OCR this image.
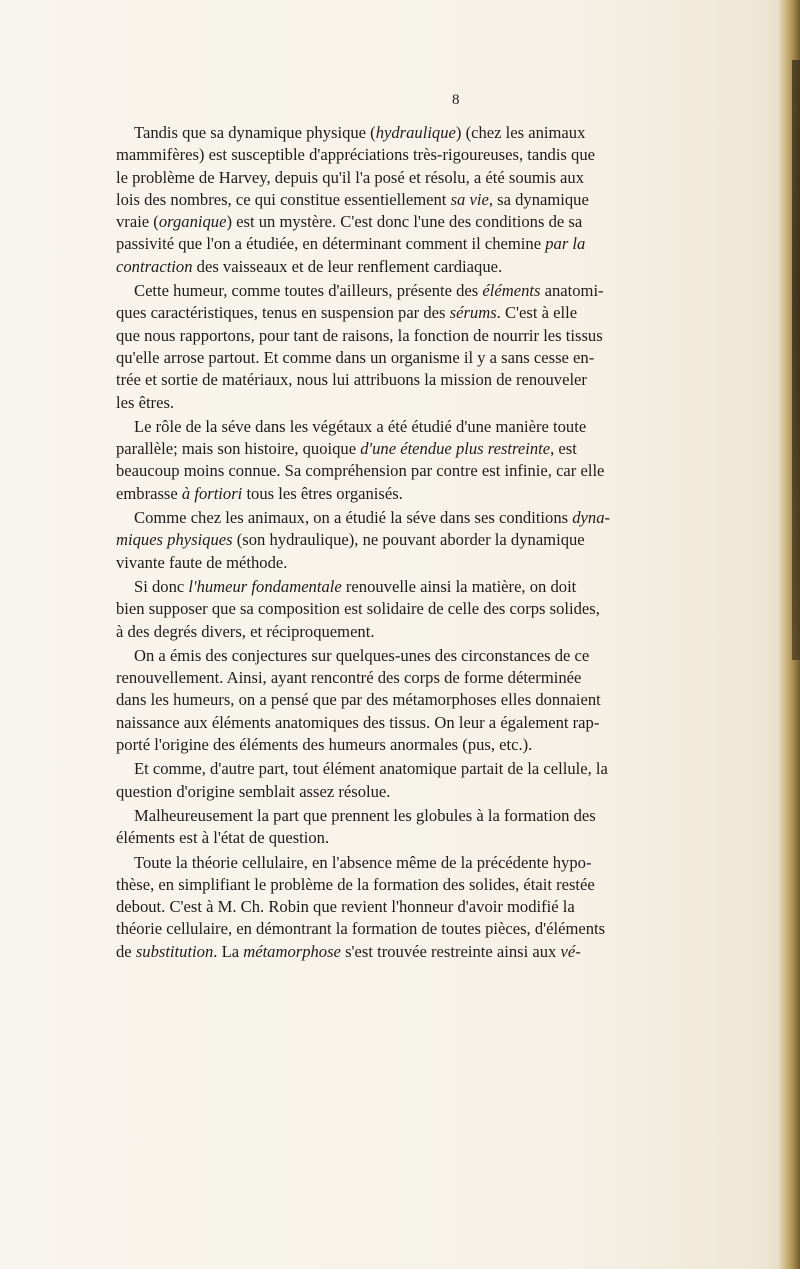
8

Tandis que sa dynamique physique (hydraulique) (chez les animaux
mammifères) est susceptible d'appréciations très-rigoureuses, tandis que
le problème de Harvey, depuis qu'il l'a posé et résolu, a été soumis aux
lois des nombres, ce qui constitue essentiellement sa vie, sa dynamique
vraie (organique) est un mystère. C'est donc l'une des conditions de sa
passivité que l'on a étudiée, en déterminant comment il chemine par la
contraction des vaisseaux et de leur renflement cardiaque.

Cette humeur, comme toutes d'ailleurs, présente des éléments anatomi-
ques caractéristiques, tenus en suspension par des sérums. C'est à elle
que nous rapportons, pour tant de raisons, la fonction de nourrir les tissus
qu'elle arrose partout. Et comme dans un organisme il y a sans cesse en-
trée et sortie de matériaux, nous lui attribuons la mission de renouveler
les êtres.

Le rôle de la séve dans les végétaux a été étudié d'une manière toute
parallèle; mais son histoire, quoique d'une étendue plus restreinte, est
beaucoup moins connue. Sa compréhension par contre est infinie, car elle
embrasse à fortiori tous les êtres organisés.

Comme chez les animaux, on a étudié la séve dans ses conditions dyna-
miques physiques (son hydraulique), ne pouvant aborder la dynamique
vivante faute de méthode.

Si donc l'humeur fondamentale renouvelle ainsi la matière, on doit
bien supposer que sa composition est solidaire de celle des corps solides,
à des degrés divers, et réciproquement.

On a émis des conjectures sur quelques-unes des circonstances de ce
renouvellement. Ainsi, ayant rencontré des corps de forme déterminée
dans les humeurs, on a pensé que par des métamorphoses elles donnaient
naissance aux éléments anatomiques des tissus. On leur a également rap-
porté l'origine des éléments des humeurs anormales (pus, etc.).

Et comme, d'autre part, tout élément anatomique partait de la cellule, la
question d'origine semblait assez résolue.

Malheureusement la part que prennent les globules à la formation des
éléments est à l'état de question.

Toute la théorie cellulaire, en l'absence même de la précédente hypo-
thèse, en simplifiant le problème de la formation des solides, était restée
debout. C'est à M. Ch. Robin que revient l'honneur d'avoir modifié la
théorie cellulaire, en démontrant la formation de toutes pièces, d'éléments
de substitution. La métamorphose s'est trouvée restreinte ainsi aux vé-
